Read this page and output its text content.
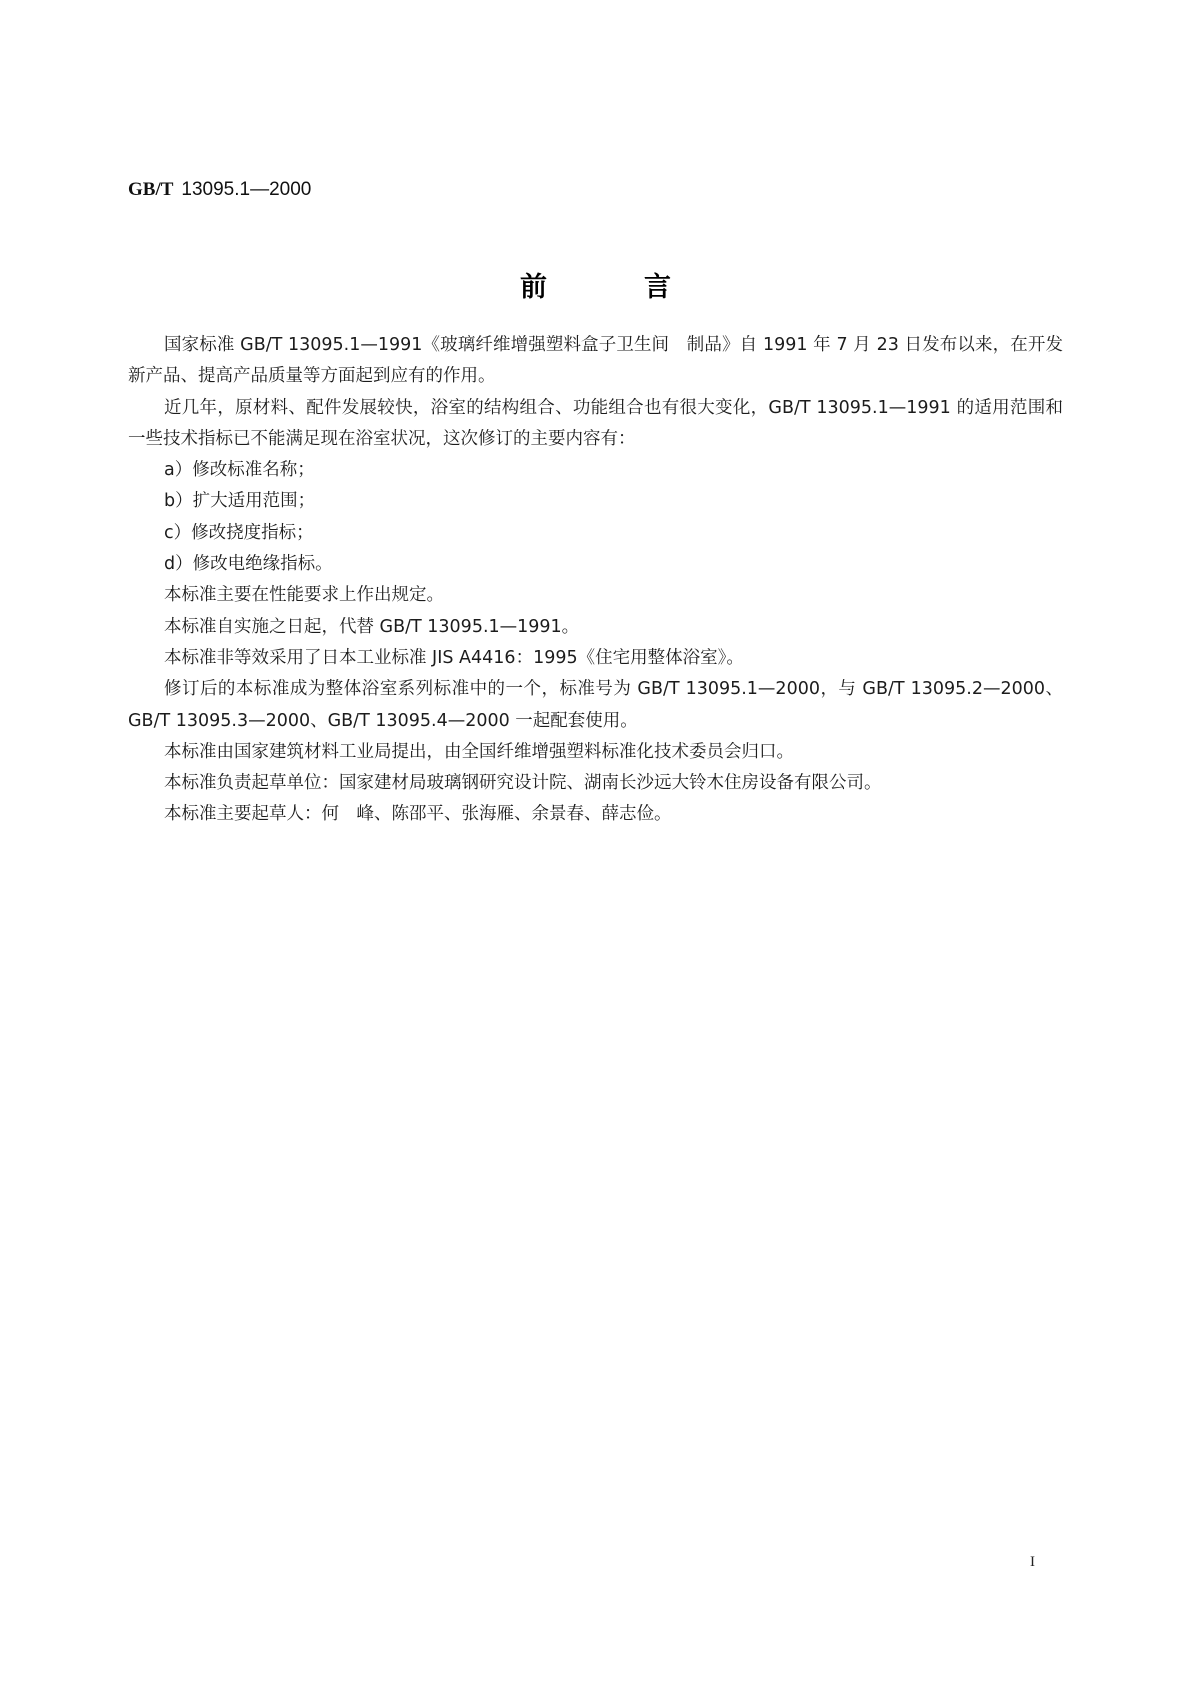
GB/T 13095.1—2000
前	言

国家标准 GB/T 13095.1—1991《玻璃纤维增强塑料盒子卫生间　制品》自 1991 年 7 月 23 日发布以来，在开发新产品、提高产品质量等方面起到应有的作用。

近几年，原材料、配件发展较快，浴室的结构组合、功能组合也有很大变化，GB/T 13095.1—1991 的适用范围和一些技术指标已不能满足现在浴室状况，这次修订的主要内容有：

a）修改标准名称；

b）扩大适用范围；

c）修改挠度指标；

d）修改电绝缘指标。

本标准主要在性能要求上作出规定。

本标准自实施之日起，代替 GB/T 13095.1—1991。

本标准非等效采用了日本工业标准 JIS A4416：1995《住宅用整体浴室》。

修订后的本标准成为整体浴室系列标准中的一个，标准号为 GB/T 13095.1—2000，与 GB/T 13095.2—2000、GB/T 13095.3—2000、GB/T 13095.4—2000 一起配套使用。

本标准由国家建筑材料工业局提出，由全国纤维增强塑料标准化技术委员会归口。

本标准负责起草单位：国家建材局玻璃钢研究设计院、湖南长沙远大铃木住房设备有限公司。

本标准主要起草人：何　峰、陈邵平、张海雁、余景春、薛志俭。

I
